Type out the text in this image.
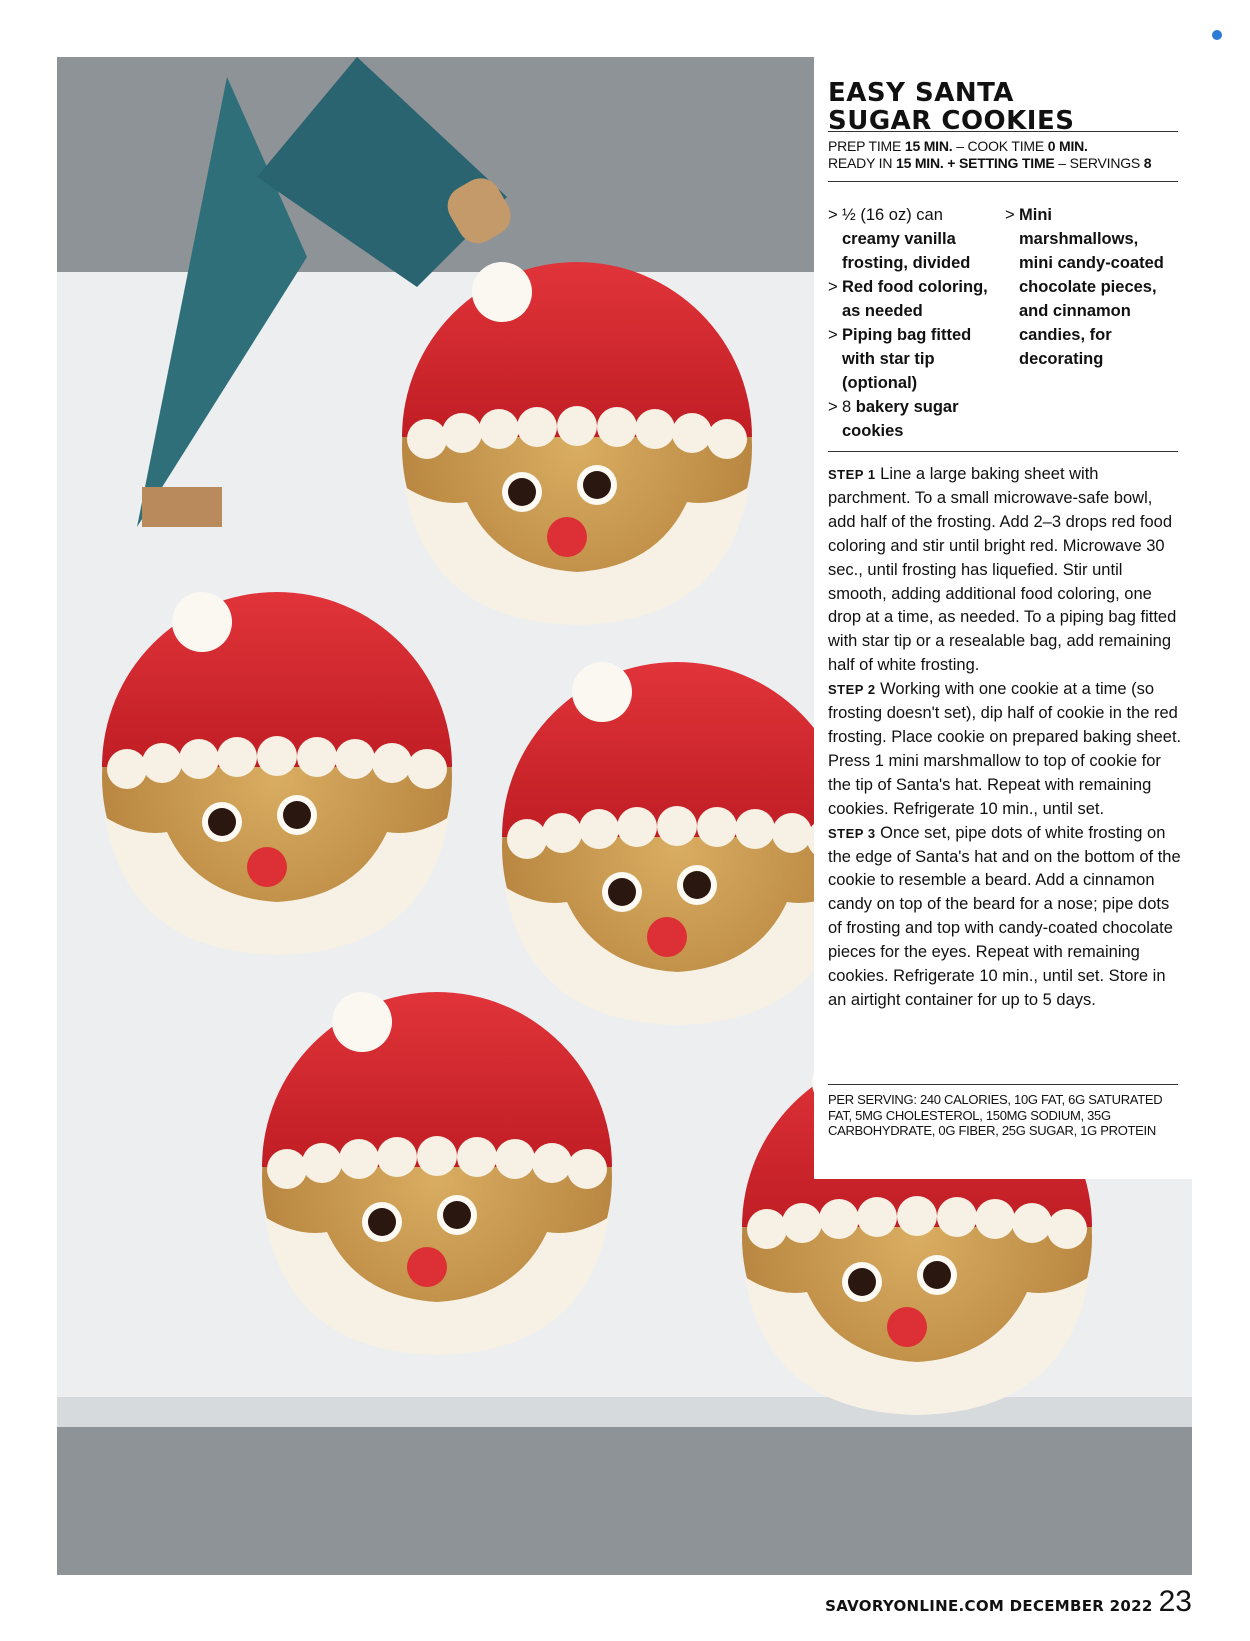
EASY SANTA
SUGAR COOKIES
PREP TIME 15 MIN. – COOK TIME 0 MIN.
READY IN 15 MIN. + SETTING TIME – SERVINGS 8
> ½ (16 oz) can creamy vanilla frosting, divided
> Red food coloring, as needed
> Piping bag fitted with star tip (optional)
> 8 bakery sugar cookies
> Mini marshmallows, mini candy-coated chocolate pieces, and cinnamon candies, for decorating

STEP 1 Line a large baking sheet with parchment. To a small microwave-safe bowl, add half of the frosting. Add 2–3 drops red food coloring and stir until bright red. Microwave 30 sec., until frosting has liquefied. Stir until smooth, adding additional food coloring, one drop at a time, as needed. To a piping bag fitted with star tip or a resealable bag, add remaining half of white frosting.

STEP 2 Working with one cookie at a time (so frosting doesn't set), dip half of cookie in the red frosting. Place cookie on prepared baking sheet. Press 1 mini marshmallow to top of cookie for the tip of Santa's hat. Repeat with remaining cookies. Refrigerate 10 min., until set.

STEP 3 Once set, pipe dots of white frosting on the edge of Santa's hat and on the bottom of the cookie to resemble a beard. Add a cinnamon candy on top of the beard for a nose; pipe dots of frosting and top with candy-coated chocolate pieces for the eyes. Repeat with remaining cookies. Refrigerate 10 min., until set. Store in an airtight container for up to 5 days.

PER SERVING: 240 CALORIES, 10G FAT, 6G SATURATED FAT, 5MG CHOLESTEROL, 150MG SODIUM, 35G CARBOHYDRATE, 0G FIBER, 25G SUGAR, 1G PROTEIN
SAVORYONLINE.COM DECEMBER 2022 23
